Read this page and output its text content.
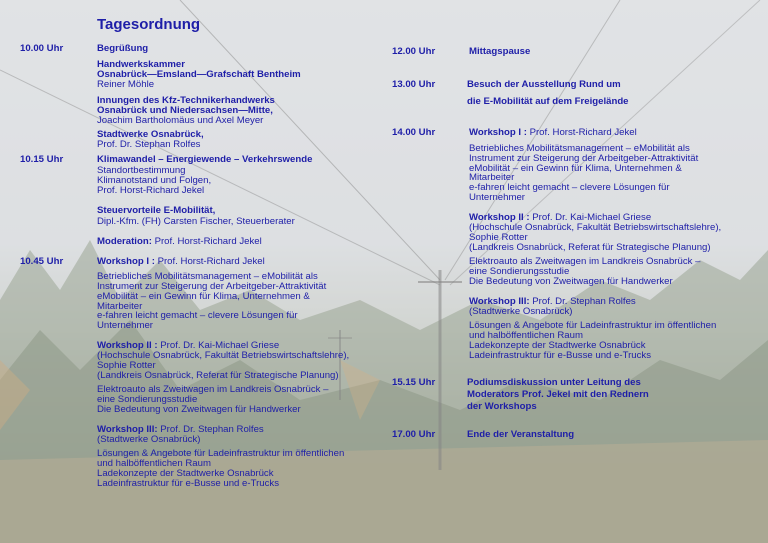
Tagesordnung
10.00 Uhr	Begrüßung
Handwerkskammer
Osnabrück—Emsland—Grafschaft Bentheim
Reiner Möhle
Innungen des Kfz-Technikerhandwerks
Osnabrück und Niedersachsen—Mitte,
Joachim Bartholomäus und Axel Meyer
Stadtwerke Osnabrück,
Prof. Dr. Stephan Rolfes
10.15 Uhr	Klimawandel – Energiewende – Verkehrswende
Standortbestimmung
Klimanotstand und Folgen,
Prof. Horst-Richard Jekel
Steuervorteile E-Mobilität,
Dipl.-Kfm. (FH) Carsten Fischer, Steuerberater
Moderation: Prof. Horst-Richard Jekel
10.45 Uhr	Workshop I : Prof. Horst-Richard Jekel
Betriebliches Mobilitätsmanagement – eMobilität als
Instrument zur Steigerung der Arbeitgeber-Attraktivität
eMobilität – ein Gewinn für Klima, Unternehmen &
Mitarbeiter
e-fahren leicht gemacht – clevere Lösungen für
Unternehmer
Workshop II : Prof. Dr. Kai-Michael Griese
(Hochschule Osnabrück, Fakultät Betriebswirtschaftslehre),
Sophie Rotter
(Landkreis Osnabrück, Referat für Strategische Planung)
Elektroauto als Zweitwagen im Landkreis Osnabrück –
eine Sondierungsstudie
Die Bedeutung von Zweitwagen für Handwerker
Workshop III: Prof. Dr. Stephan Rolfes
(Stadtwerke Osnabrück)
Lösungen & Angebote für Ladeinfrastruktur im öffentlichen
und halböffentlichen Raum
Ladekonzepte der Stadtwerke Osnabrück
Ladeinfrastruktur für e-Busse und e-Trucks
12.00 Uhr	Mittagspause
13.00 Uhr	Besuch der Ausstellung Rund um
die E-Mobilität auf dem Freigelände
14.00 Uhr	Workshop I : Prof. Horst-Richard Jekel
Betriebliches Mobilitätsmanagement – eMobilität als
Instrument zur Steigerung der Arbeitgeber-Attraktivität
eMobilität – ein Gewinn für Klima, Unternehmen &
Mitarbeiter
e-fahren leicht gemacht – clevere Lösungen für
Unternehmer
Workshop II : Prof. Dr. Kai-Michael Griese
(Hochschule Osnabrück, Fakultät Betriebswirtschaftslehre),
Sophie Rotter
(Landkreis Osnabrück, Referat für Strategische Planung)
Elektroauto als Zweitwagen im Landkreis Osnabrück –
eine Sondierungsstudie
Die Bedeutung von Zweitwagen für Handwerker
Workshop III: Prof. Dr. Stephan Rolfes
(Stadtwerke Osnabrück)
Lösungen & Angebote für Ladeinfrastruktur im öffentlichen
und halböffentlichen Raum
Ladekonzepte der Stadtwerke Osnabrück
Ladeinfrastruktur für e-Busse und e-Trucks
15.15 Uhr	Podiumsdiskussion unter Leitung des
Moderators Prof. Jekel mit den Rednern
der Workshops
17.00 Uhr	Ende der Veranstaltung
